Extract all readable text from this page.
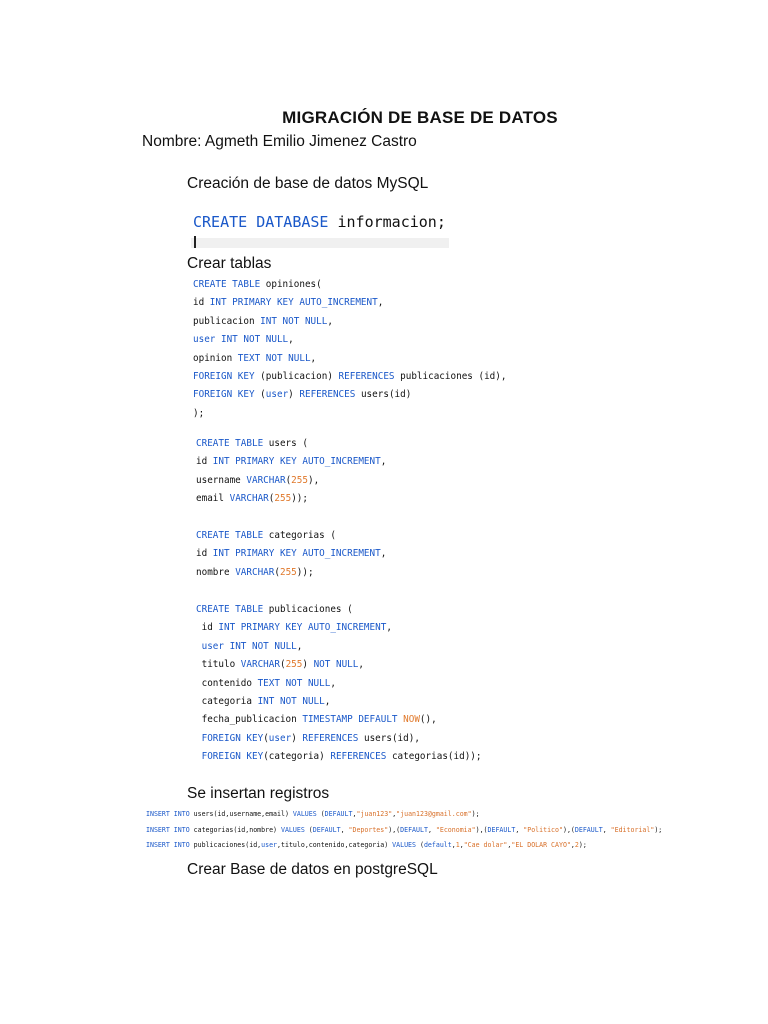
MIGRACIÓN DE BASE DE DATOS
Nombre: Agmeth Emilio Jimenez Castro
Creación de base de datos MySQL
CREATE DATABASE informacion;
Crear tablas
CREATE TABLE opiniones(
id INT PRIMARY KEY AUTO_INCREMENT,
publicacion INT NOT NULL,
user INT NOT NULL,
opinion TEXT NOT NULL,
FOREIGN KEY (publicacion) REFERENCES publicaciones (id),
FOREIGN KEY (user) REFERENCES users(id)
);
CREATE TABLE users (
id INT PRIMARY KEY AUTO_INCREMENT,
username VARCHAR(255),
email VARCHAR(255));
CREATE TABLE categorias (
id INT PRIMARY KEY AUTO_INCREMENT,
nombre VARCHAR(255));
CREATE TABLE publicaciones (
id INT PRIMARY KEY AUTO_INCREMENT,
user INT NOT NULL,
titulo VARCHAR(255) NOT NULL,
contenido TEXT NOT NULL,
categoria INT NOT NULL,
fecha_publicacion TIMESTAMP DEFAULT NOW(),
FOREIGN KEY(user) REFERENCES users(id),
FOREIGN KEY(categoria) REFERENCES categorias(id));
Se insertan registros
INSERT INTO users(id,username,email) VALUES (DEFAULT,"juan123","juan123@gmail.com");
INSERT INTO categorias(id,nombre) VALUES (DEFAULT, "Deportes"),(DEFAULT, "Economia"),(DEFAULT, "Politico"),(DEFAULT, "Editorial");
INSERT INTO publicaciones(id,user,titulo,contenido,categoria) VALUES (default,1,"Cae dolar","EL DOLAR CAYO",2);
Crear Base de datos en postgreSQL
